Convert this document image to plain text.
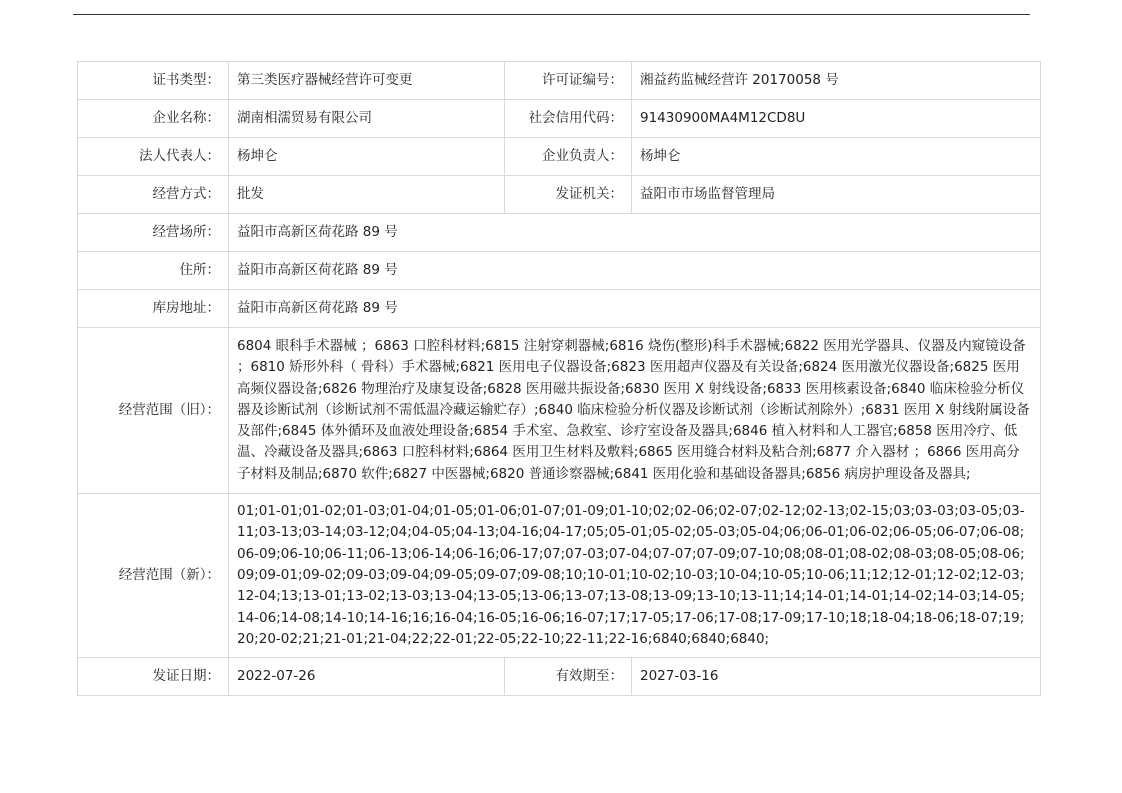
证书类型：	第三类医疗器械经营许可变更	许可证编号：	湘益药监械经营许 20170058 号
企业名称：	湖南相濡贸易有限公司	社会信用代码：	91430900MA4M12CD8U
法人代表人：	杨坤仑	企业负责人：	杨坤仑
经营方式：	批发	发证机关：	益阳市市场监督管理局
经营场所：	益阳市高新区荷花路 89 号		
住所：	益阳市高新区荷花路 89 号		
库房地址：	益阳市高新区荷花路 89 号		
经营范围（旧）：	6804 眼科手术器械 ；6863 口腔科材料;6815 注射穿刺器械;6816 烧伤(整形)科手术器械;6822 医用光学器具、仪器及内窥镜设备 ；6810 矫形外科（ 骨科）手术器械;6821 医用电子仪器设备;6823 医用超声仪器及有关设备;6824 医用激光仪器设备;6825 医用高频仪器设备;6826 物理治疗及康复设备;6828 医用磁共振设备;6830 医用 X 射线设备;6833 医用核素设备;6840 临床检验分析仪器及诊断试剂（诊断试剂不需低温冷藏运输贮存）;6840 临床检验分析仪器及诊断试剂（诊断试剂除外）;6831 医用 X 射线附属设备及部件;6845 体外循环及血液处理设备;6854 手术室、急救室、诊疗室设备及器具;6846 植入材料和人工器官;6858 医用冷疗、低温、冷藏设备及器具;6863 口腔科材料;6864 医用卫生材料及敷料;6865 医用缝合材料及粘合剂;6877 介入器材 ；6866 医用高分子材料及制品;6870 软件;6827 中医器械;6820 普通诊察器械;6841 医用化验和基础设备器具;6856 病房护理设备及器具;		
经营范围（新）：	01;01-01;01-02;01-03;01-04;01-05;01-06;01-07;01-09;01-10;02;02-06;02-07;02-12;02-13;02-15;03;03-03;03-05;03-11;03-13;03-14;03-12;04;04-05;04-13;04-16;04-17;05;05-01;05-02;05-03;05-04;06;06-01;06-02;06-05;06-07;06-08;06-09;06-10;06-11;06-13;06-14;06-16;06-17;07;07-03;07-04;07-07;07-09;07-10;08;08-01;08-02;08-03;08-05;08-06;09;09-01;09-02;09-03;09-04;09-05;09-07;09-08;10;10-01;10-02;10-03;10-04;10-05;10-06;11;12;12-01;12-02;12-03;12-04;13;13-01;13-02;13-03;13-04;13-05;13-06;13-07;13-08;13-09;13-10;13-11;14;14-01;14-01;14-02;14-03;14-05;14-06;14-08;14-10;14-16;16;16-04;16-05;16-06;16-07;17;17-05;17-06;17-08;17-09;17-10;18;18-04;18-06;18-07;19;20;20-02;21;21-01;21-04;22;22-01;22-05;22-10;22-11;22-16;6840;6840;6840;		
发证日期：	2022-07-26	有效期至：	2027-03-16
